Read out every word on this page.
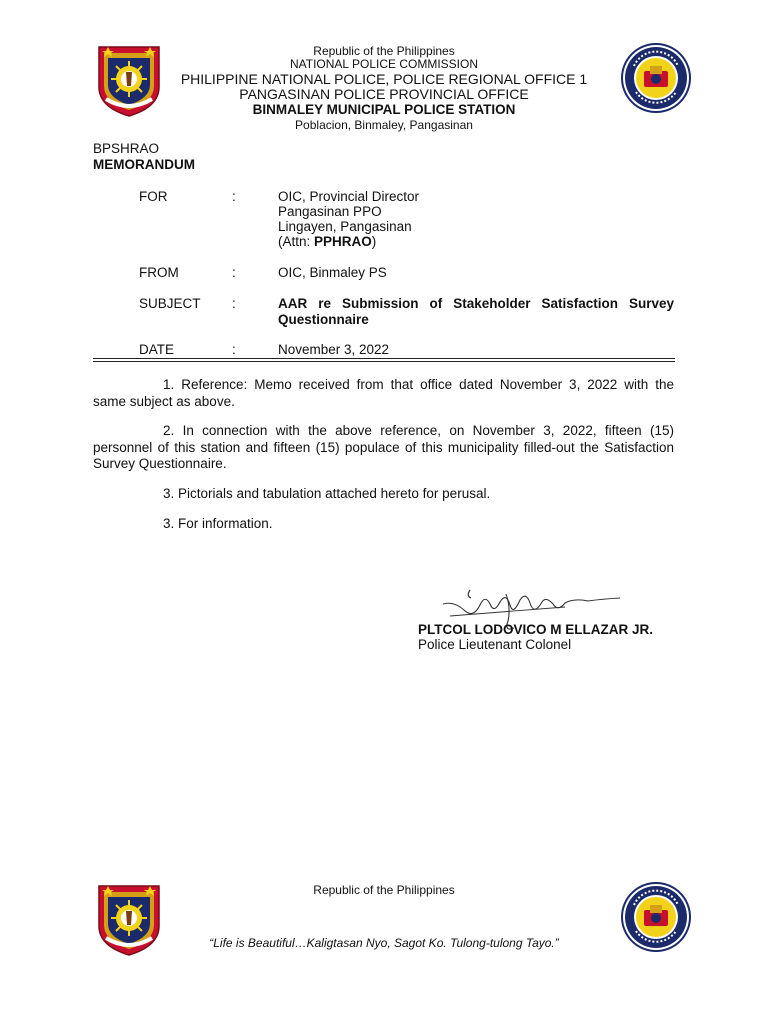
Republic of the Philippines
NATIONAL POLICE COMMISSION
PHILIPPINE NATIONAL POLICE, POLICE REGIONAL OFFICE 1
PANGASINAN POLICE PROVINCIAL OFFICE
BINMALEY MUNICIPAL POLICE STATION
Poblacion, Binmaley, Pangasinan
BPSHRAO
MEMORANDUM
FOR	:	OIC, Provincial Director
Pangasinan PPO
Lingayen, Pangasinan
(Attn: PPHRAO)
FROM	:	OIC, Binmaley PS
SUBJECT :	AAR re Submission of Stakeholder Satisfaction Survey
Questionnaire
DATE	:	November 3, 2022
1. Reference: Memo received from that office dated November 3, 2022 with the
same subject as above.
2. In connection with the above reference, on November 3, 2022, fifteen (15) personnel of this station and fifteen (15) populace of this municipality filled-out the Satisfaction Survey Questionnaire.
3. Pictorials and tabulation attached hereto for perusal.
3. For information.
PLTCOL LODOVICO M ELLAZAR JR.
Police Lieutenant Colonel
Republic of the Philippines
“Life is Beautiful…Kaligtasan Nyo, Sagot Ko. Tulong-tulong Tayo.”
